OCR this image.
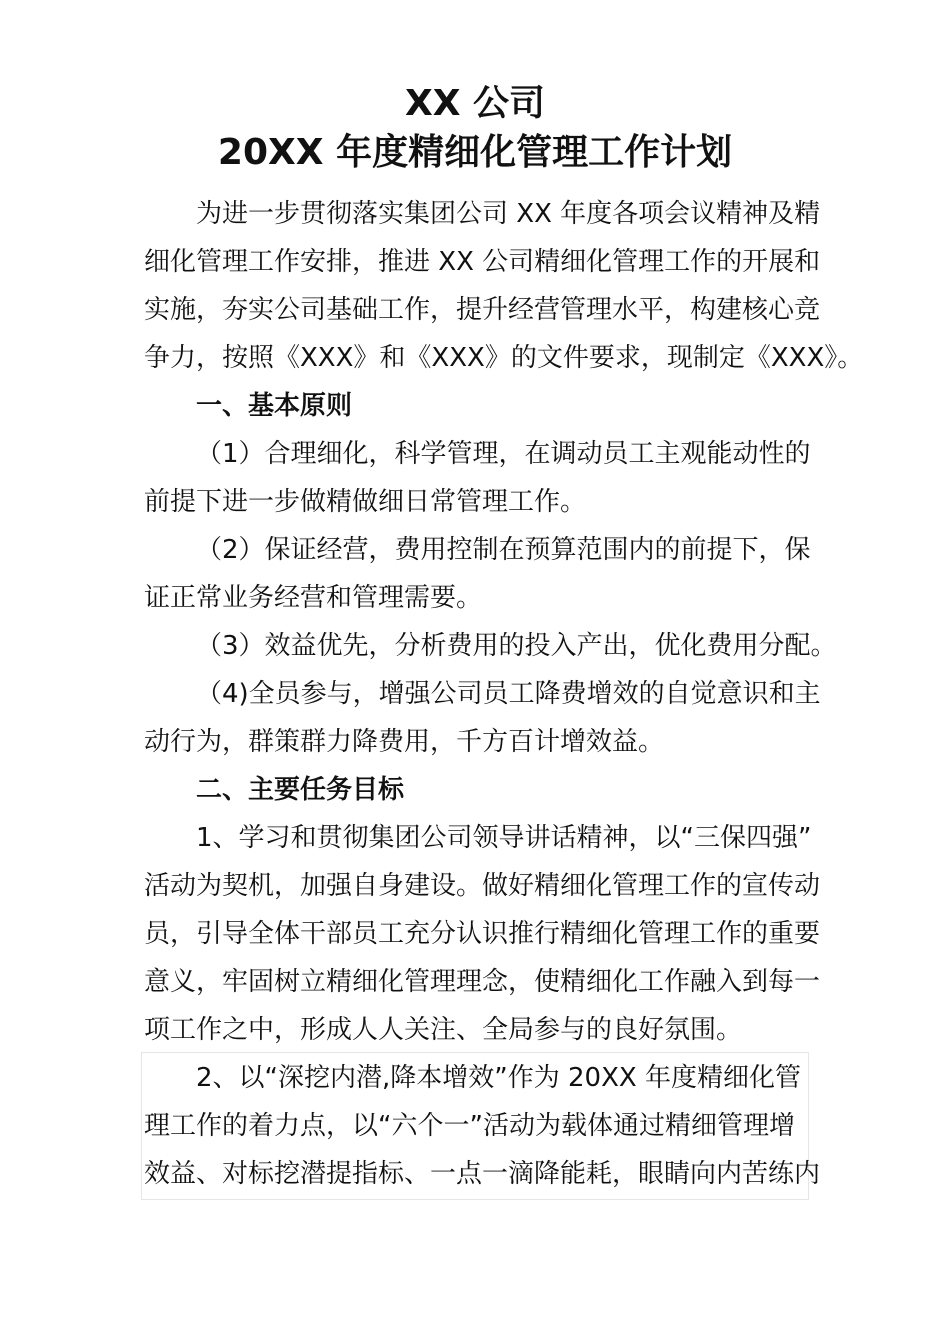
XX 公司
20XX 年度精细化管理工作计划
为进一步贯彻落实集团公司 XX 年度各项会议精神及精
细化管理工作安排，推进 XX 公司精细化管理工作的开展和
实施，夯实公司基础工作，提升经营管理水平，构建核心竞
争力，按照《XXX》和《XXX》的文件要求，现制定《XXX》。
一、基本原则
（1）合理细化，科学管理，在调动员工主观能动性的
前提下进一步做精做细日常管理工作。
（2）保证经营，费用控制在预算范围内的前提下，保
证正常业务经营和管理需要。
（3）效益优先，分析费用的投入产出，优化费用分配。
（4)全员参与，增强公司员工降费增效的自觉意识和主
动行为，群策群力降费用，千方百计增效益。
二、主要任务目标
1、学习和贯彻集团公司领导讲话精神，以“三保四强”
活动为契机，加强自身建设。做好精细化管理工作的宣传动
员，引导全体干部员工充分认识推行精细化管理工作的重要
意义，牢固树立精细化管理理念，使精细化工作融入到每一
项工作之中，形成人人关注、全局参与的良好氛围。
2、以“深挖内潜,降本增效”作为 20XX 年度精细化管
理工作的着力点，以“六个一”活动为载体通过精细管理增
效益、对标挖潜提指标、一点一滴降能耗，眼睛向内苦练内
